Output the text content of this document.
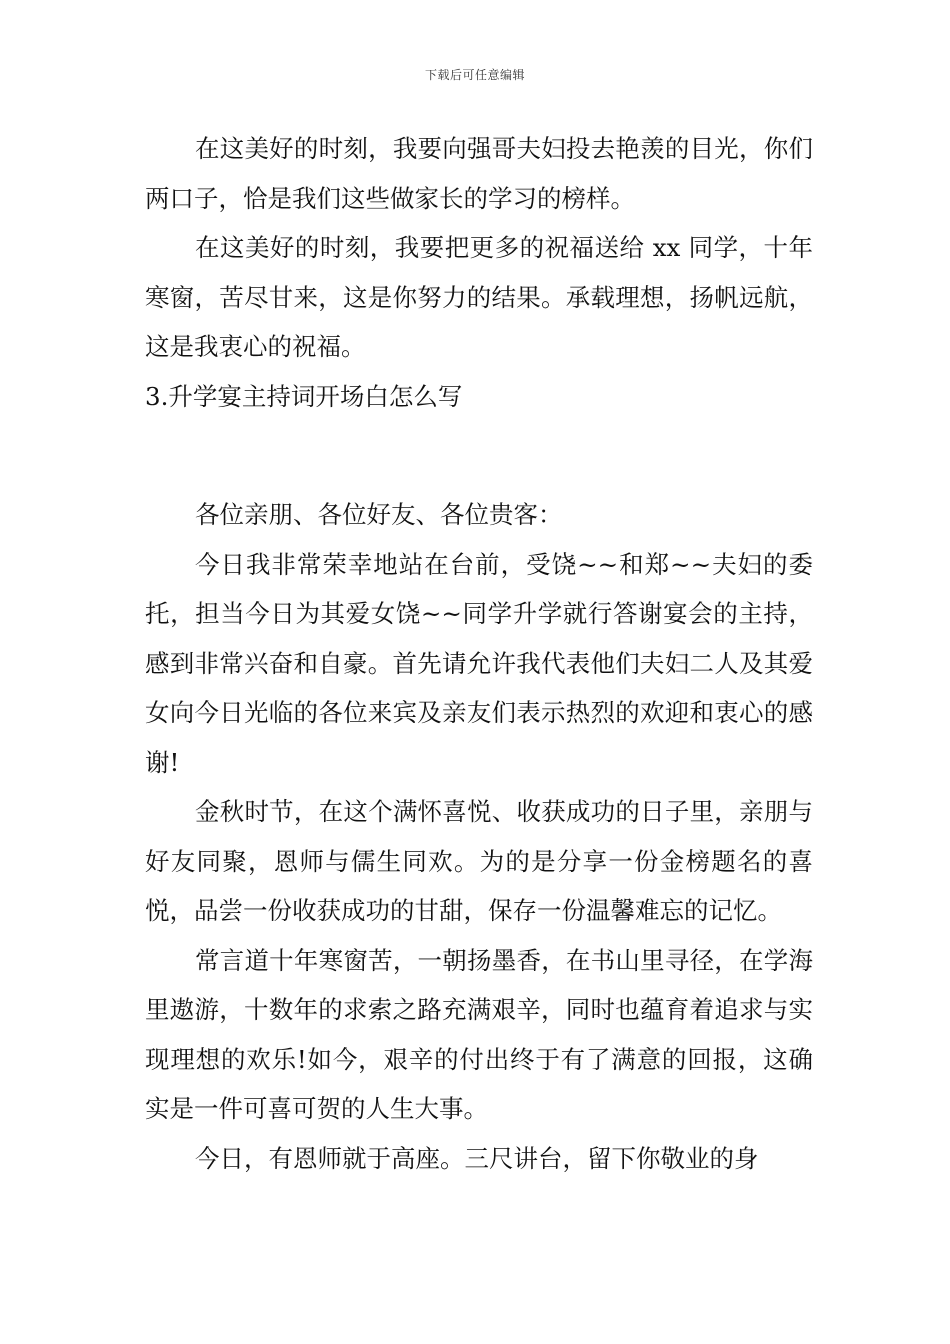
下载后可任意编辑

在这美好的时刻，我要向强哥夫妇投去艳羡的目光，你们两口子，恰是我们这些做家长的学习的榜样。

在这美好的时刻，我要把更多的祝福送给 xx 同学，十年寒窗，苦尽甘来，这是你努力的结果。承载理想，扬帆远航，这是我衷心的祝福。

3.升学宴主持词开场白怎么写

各位亲朋、各位好友、各位贵客：

今日我非常荣幸地站在台前，受饶~~和郑~~夫妇的委托，担当今日为其爱女饶~~同学升学就行答谢宴会的主持，感到非常兴奋和自豪。首先请允许我代表他们夫妇二人及其爱女向今日光临的各位来宾及亲友们表示热烈的欢迎和衷心的感谢!

金秋时节，在这个满怀喜悦、收获成功的日子里，亲朋与好友同聚，恩师与儒生同欢。为的是分享一份金榜题名的喜悦，品尝一份收获成功的甘甜，保存一份温馨难忘的记忆。

常言道十年寒窗苦，一朝扬墨香，在书山里寻径，在学海里遨游，十数年的求索之路充满艰辛，同时也蕴育着追求与实现理想的欢乐!如今，艰辛的付出终于有了满意的回报，这确实是一件可喜可贺的人生大事。

今日，有恩师就于高座。三尺讲台，留下你敬业的身
